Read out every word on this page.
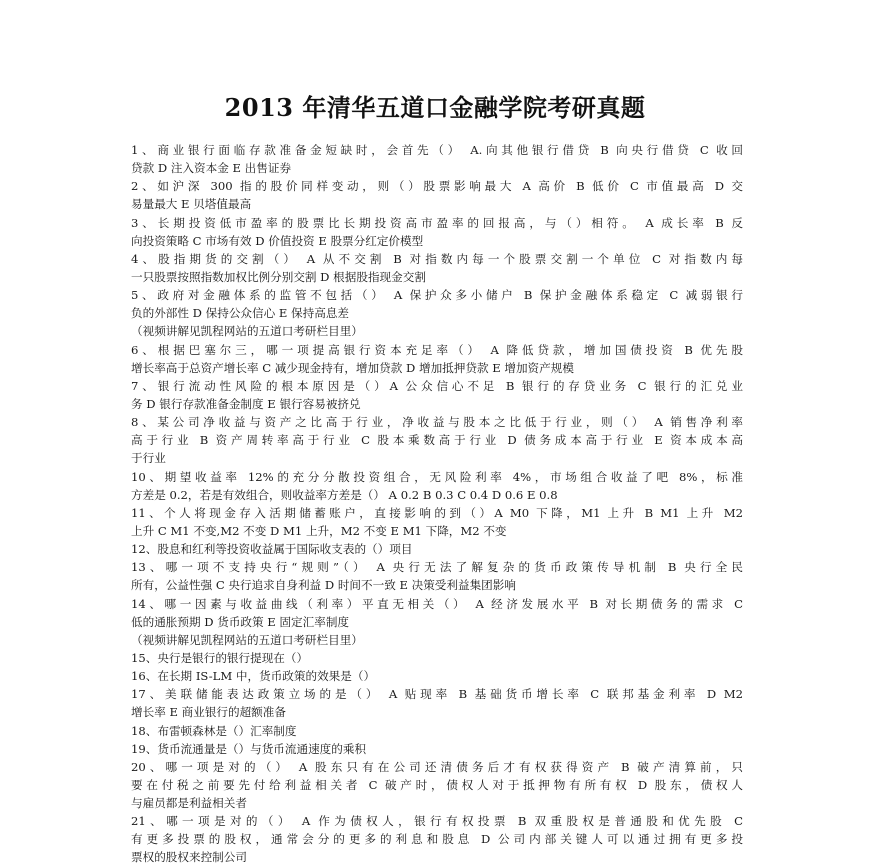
2013 年清华五道口金融学院考研真题
1、商业银行面临存款准备金短缺时，会首先（） A.向其他银行借贷 B 向央行借贷 C 收回
贷款 D 注入资本金 E 出售证券
2、如沪深 300 指的股价同样变动，则（）股票影响最大 A 高价 B 低价 C 市值最高 D 交
易量最大 E 贝塔值最高
3、长期投资低市盈率的股票比长期投资高市盈率的回报高，与（）相符。 A 成长率 B 反
向投资策略 C 市场有效 D 价值投资 E 股票分红定价模型
4、股指期货的交割（） A 从不交割 B 对指数内每一个股票交割一个单位 C 对指数内每
一只股票按照指数加权比例分别交割 D 根据股指现金交割
5、政府对金融体系的监管不包括（） A 保护众多小储户 B 保护金融体系稳定 C 减弱银行
负的外部性 D 保持公众信心 E 保持高息差
（视频讲解见凯程网站的五道口考研栏目里）
6、根据巴塞尔三，哪一项提高银行资本充足率（） A 降低贷款，增加国债投资 B 优先股
增长率高于总资产增长率 C 减少现金持有，增加贷款 D 增加抵押贷款 E 增加资产规模
7、银行流动性风险的根本原因是（）A 公众信心不足 B 银行的存贷业务 C 银行的汇兑业
务 D 银行存款准备金制度 E 银行容易被挤兑
8、某公司净收益与资产之比高于行业，净收益与股本之比低于行业，则（） A 销售净利率
高于行业 B 资产周转率高于行业 C 股本乘数高于行业 D 债务成本高于行业 E 资本成本高
于行业
10、期望收益率 12%的充分分散投资组合，无风险利率 4%，市场组合收益了吧 8%，标准
方差是 0.2，若是有效组合，则收益率方差是（） A 0.2 B 0.3 C 0.4 D 0.6 E 0.8
11、个人将现金存入活期储蓄账户，直接影响的到（）A M0 下降，M1 上升 B M1 上升 M2
上升 C M1 不变,M2 不变 D M1 上升，M2 不变 E M1 下降，M2 不变
12、股息和红利等投资收益属于国际收支表的（）项目
13、哪一项不支持央行“规则”（） A 央行无法了解复杂的货币政策传导机制 B 央行全民
所有，公益性强 C 央行追求自身利益 D 时间不一致 E 决策受利益集团影响
14、哪一因素与收益曲线（利率）平直无相关（） A 经济发展水平 B 对长期债务的需求 C
低的通胀预期 D 货币政策 E 固定汇率制度
（视频讲解见凯程网站的五道口考研栏目里）
15、央行是银行的银行提现在（）
16、在长期 IS-LM 中，货币政策的效果是（）
17、美联储能表达政策立场的是（） A 贴现率 B 基础货币增长率 C 联邦基金利率 D M2
增长率 E 商业银行的超额准备
18、布雷顿森林是（）汇率制度
19、货币流通量是（）与货币流通速度的乘积
20、哪一项是对的（） A 股东只有在公司还清债务后才有权获得资产 B 破产清算前，只
要在付税之前要先付给利益相关者 C 破产时，债权人对于抵押物有所有权 D 股东，债权人
与雇员都是利益相关者
21、哪一项是对的（） A 作为债权人，银行有权投票 B 双重股权是普通股和优先股 C
有更多投票的股权，通常会分的更多的利息和股息 D 公司内部关键人可以通过拥有更多投
票权的股权来控制公司
